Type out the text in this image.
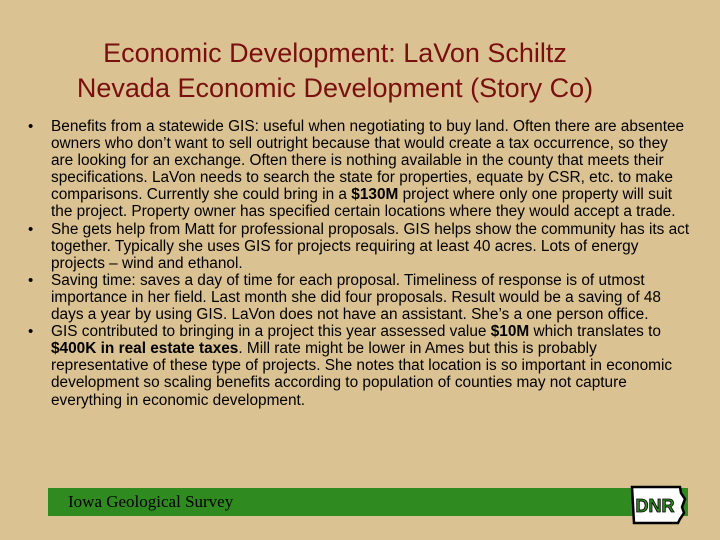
Economic Development: LaVon Schiltz
Nevada Economic Development (Story Co)
• Benefits from a statewide GIS: useful when negotiating to buy land. Often there are absentee owners who don’t want to sell outright because that would create a tax occurrence, so they are looking for an exchange. Often there is nothing available in the county that meets their specifications. LaVon needs to search the state for properties, equate by CSR, etc. to make comparisons. Currently she could bring in a $130M project where only one property will suit the project. Property owner has specified certain locations where they would accept a trade.
• She gets help from Matt for professional proposals. GIS helps show the community has its act together. Typically she uses GIS for projects requiring at least 40 acres. Lots of energy projects – wind and ethanol.
• Saving time: saves a day of time for each proposal. Timeliness of response is of utmost importance in her field. Last month she did four proposals. Result would be a saving of 48 days a year by using GIS. LaVon does not have an assistant. She’s a one person office.
• GIS contributed to bringing in a project this year assessed value $10M which translates to $400K in real estate taxes. Mill rate might be lower in Ames but this is probably representative of these type of projects. She notes that location is so important in economic development so scaling benefits according to population of counties may not capture everything in economic development.
Iowa Geological Survey	DNR
